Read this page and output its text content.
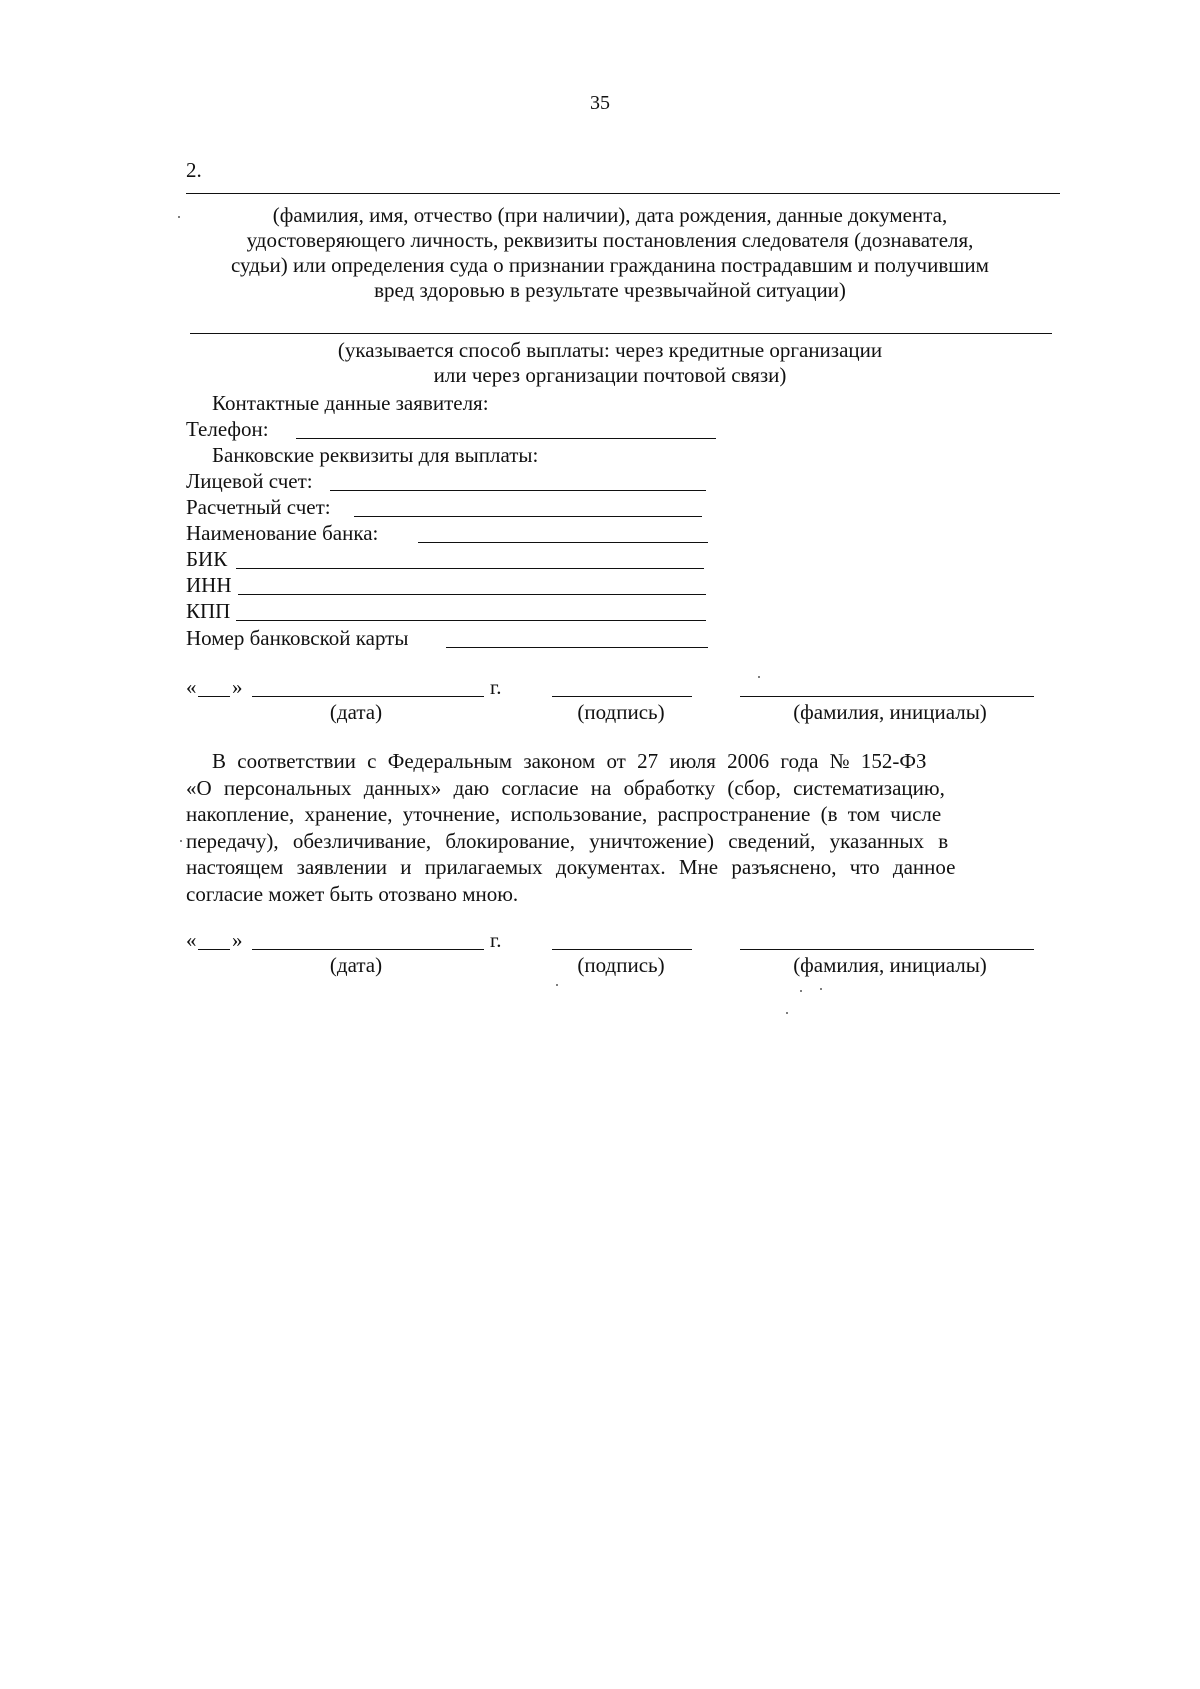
35
2.
(фамилия, имя, отчество (при наличии), дата рождения, данные документа,
удостоверяющего личность, реквизиты постановления следователя (дознавателя,
судьи) или определения суда о признании гражданина пострадавшим и получившим
вред здоровью в результате чрезвычайной ситуации)
(указывается способ выплаты: через кредитные организации
или через организации почтовой связи)
Контактные данные заявителя:
Телефон:
Банковские реквизиты для выплаты:
Лицевой счет:
Расчетный счет:
Наименование банка:
БИК
ИНН
КПП
Номер банковской карты
« »	г.
(дата)	(подпись)	(фамилия, инициалы)
В соответствии с Федеральным законом от 27 июля 2006 года № 152-ФЗ
«О персональных данных» даю согласие на обработку (сбор, систематизацию,
накопление, хранение, уточнение, использование, распространение (в том числе
передачу), обезличивание, блокирование, уничтожение) сведений, указанных в
настоящем заявлении и прилагаемых документах. Мне разъяснено, что данное
согласие может быть отозвано мною.
« »	г.
(дата)	(подпись)	(фамилия, инициалы)
